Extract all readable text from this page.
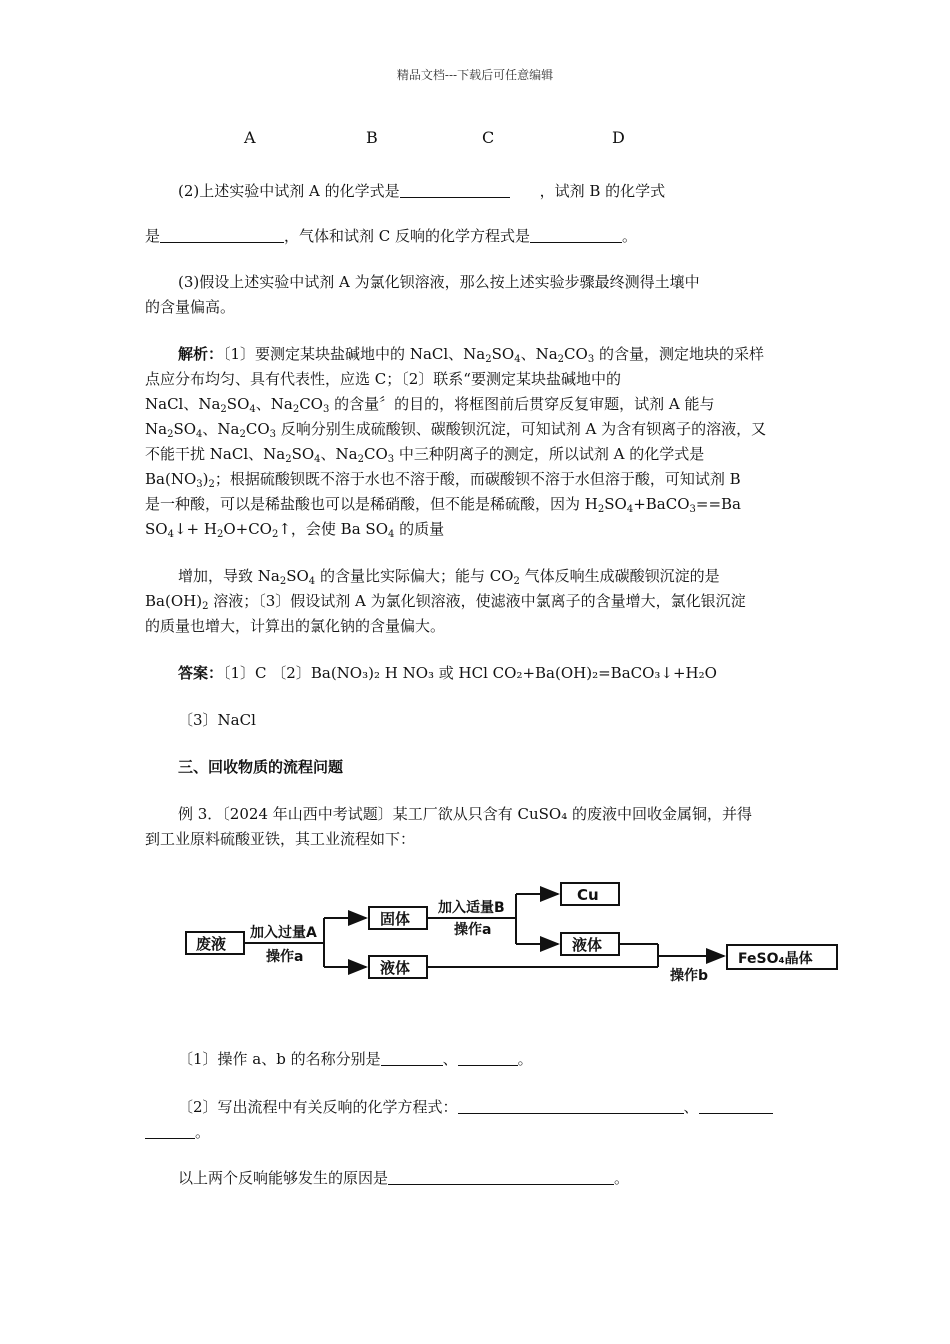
精品文档---下载后可任意编辑
A	B	C	D
(2)上述实验中试剂 A 的化学式是	，试剂 B 的化学式
是	，气体和试剂 C 反响的化学方程式是	。
(3)假设上述实验中试剂 A 为氯化钡溶液，那么按上述实验步骤最终测得土壤中
的含量偏高。
解析：〔1〕要测定某块盐碱地中的 NaCl、$Na_2SO_4$、$Na_2CO_3$ 的含量，测定地块的采样
点应分布均匀、具有代表性，应选 C；〔2〕联系“要测定某块盐碱地中的
NaCl、$Na_2SO_4$、$Na_2CO_3$ 的含量〞的目的，将框图前后贯穿反复审题，试剂 A 能与
$Na_2SO_4$、$Na_2CO_3$ 反响分别生成硫酸钡、碳酸钡沉淀，可知试剂 A 为含有钡离子的溶液，又
不能干扰 NaCl、$Na_2SO_4$、$Na_2CO_3$ 中三种阴离子的测定，所以试剂 A 的化学式是
$Ba(NO_3)_2$；根据硫酸钡既不溶于水也不溶于酸，而碳酸钡不溶于水但溶于酸，可知试剂 B
是一种酸，可以是稀盐酸也可以是稀硝酸，但不能是稀硫酸，因为 $H_2SO_4+BaCO_3==Ba$
$SO_4↓+$ $H_2O+CO_2↑$，会使 Ba $SO_4$ 的质量
增加，导致 $Na_2SO_4$ 的含量比实际偏大；能与 $CO_2$ 气体反响生成碳酸钡沉淀的是
$Ba(OH)_2$ 溶液；〔3〕假设试剂 A 为氯化钡溶液，使滤液中氯离子的含量增大，氯化银沉淀
的质量也增大，计算出的氯化钠的含量偏大。
答案：〔1〕C 〔2〕Ba(NO₃)₂ H NO₃ 或 HCl CO₂+Ba(OH)₂=BaCO₃↓+H₂O
〔3〕NaCl
三、回收物质的流程问题
例 3．〔2024 年山西中考试题〕某工厂欲从只含有 CuSO₄ 的废液中回收金属铜，并得
到工业原料硫酸亚铁，其工业流程如下：
废液
加入过量A
操作a
固体
液体
加入适量B
操作a
Cu
液体
操作b
FeSO₄晶体
〔1〕操作 a、b 的名称分别是	、	。
〔2〕写出流程中有关反响的化学方程式：	、
。
以上两个反响能够发生的原因是	。
